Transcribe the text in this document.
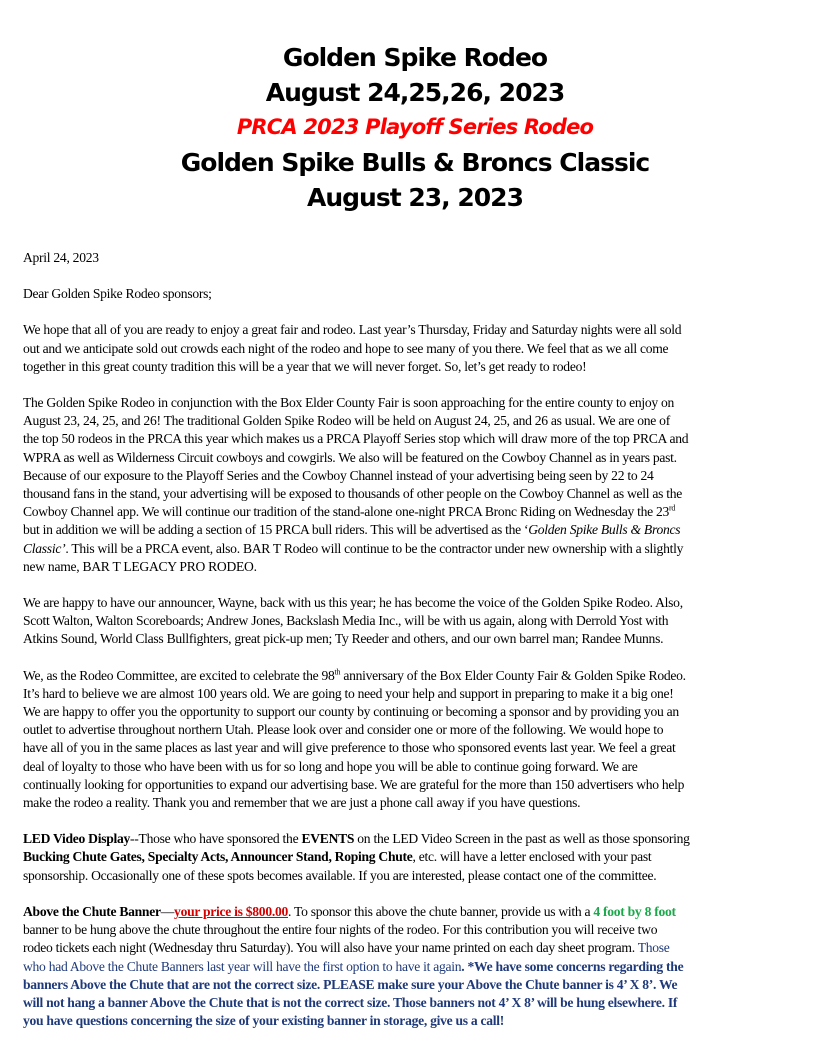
Golden Spike Rodeo
August 24,25,26, 2023
PRCA 2023 Playoff Series Rodeo
Golden Spike Bulls & Broncs Classic
August 23, 2023

April 24, 2023

Dear Golden Spike Rodeo sponsors;

We hope that all of you are ready to enjoy a great fair and rodeo. Last year’s Thursday, Friday and Saturday nights were all sold
out and we anticipate sold out crowds each night of the rodeo and hope to see many of you there. We feel that as we all come
together in this great county tradition this will be a year that we will never forget. So, let’s get ready to rodeo!

The Golden Spike Rodeo in conjunction with the Box Elder County Fair is soon approaching for the entire county to enjoy on
August 23, 24, 25, and 26! The traditional Golden Spike Rodeo will be held on August 24, 25, and 26 as usual. We are one of
the top 50 rodeos in the PRCA this year which makes us a PRCA Playoff Series stop which will draw more of the top PRCA and
WPRA as well as Wilderness Circuit cowboys and cowgirls. We also will be featured on the Cowboy Channel as in years past.
Because of our exposure to the Playoff Series and the Cowboy Channel instead of your advertising being seen by 22 to 24
thousand fans in the stand, your advertising will be exposed to thousands of other people on the Cowboy Channel as well as the
Cowboy Channel app. We will continue our tradition of the stand-alone one-night PRCA Bronc Riding on Wednesday the 23rd
but in addition we will be adding a section of 15 PRCA bull riders. This will be advertised as the ‘Golden Spike Bulls & Broncs
Classic’. This will be a PRCA event, also. BAR T Rodeo will continue to be the contractor under new ownership with a slightly
new name, BAR T LEGACY PRO RODEO.

We are happy to have our announcer, Wayne, back with us this year; he has become the voice of the Golden Spike Rodeo. Also,
Scott Walton, Walton Scoreboards; Andrew Jones, Backslash Media Inc., will be with us again, along with Derrold Yost with
Atkins Sound, World Class Bullfighters, great pick-up men; Ty Reeder and others, and our own barrel man; Randee Munns.

We, as the Rodeo Committee, are excited to celebrate the 98th anniversary of the Box Elder County Fair & Golden Spike Rodeo.
It’s hard to believe we are almost 100 years old. We are going to need your help and support in preparing to make it a big one!
We are happy to offer you the opportunity to support our county by continuing or becoming a sponsor and by providing you an
outlet to advertise throughout northern Utah. Please look over and consider one or more of the following. We would hope to
have all of you in the same places as last year and will give preference to those who sponsored events last year. We feel a great
deal of loyalty to those who have been with us for so long and hope you will be able to continue going forward. We are
continually looking for opportunities to expand our advertising base. We are grateful for the more than 150 advertisers who help
make the rodeo a reality. Thank you and remember that we are just a phone call away if you have questions.

LED Video Display--Those who have sponsored the EVENTS on the LED Video Screen in the past as well as those sponsoring
Bucking Chute Gates, Specialty Acts, Announcer Stand, Roping Chute, etc. will have a letter enclosed with your past
sponsorship. Occasionally one of these spots becomes available. If you are interested, please contact one of the committee.

Above the Chute Banner—your price is $800.00. To sponsor this above the chute banner, provide us with a 4 foot by 8 foot
banner to be hung above the chute throughout the entire four nights of the rodeo. For this contribution you will receive two
rodeo tickets each night (Wednesday thru Saturday). You will also have your name printed on each day sheet program. Those
who had Above the Chute Banners last year will have the first option to have it again. *We have some concerns regarding the
banners Above the Chute that are not the correct size. PLEASE make sure your Above the Chute banner is 4’ X 8’. We
will not hang a banner Above the Chute that is not the correct size. Those banners not 4’ X 8’ will be hung elsewhere. If
you have questions concerning the size of your existing banner in storage, give us a call!
